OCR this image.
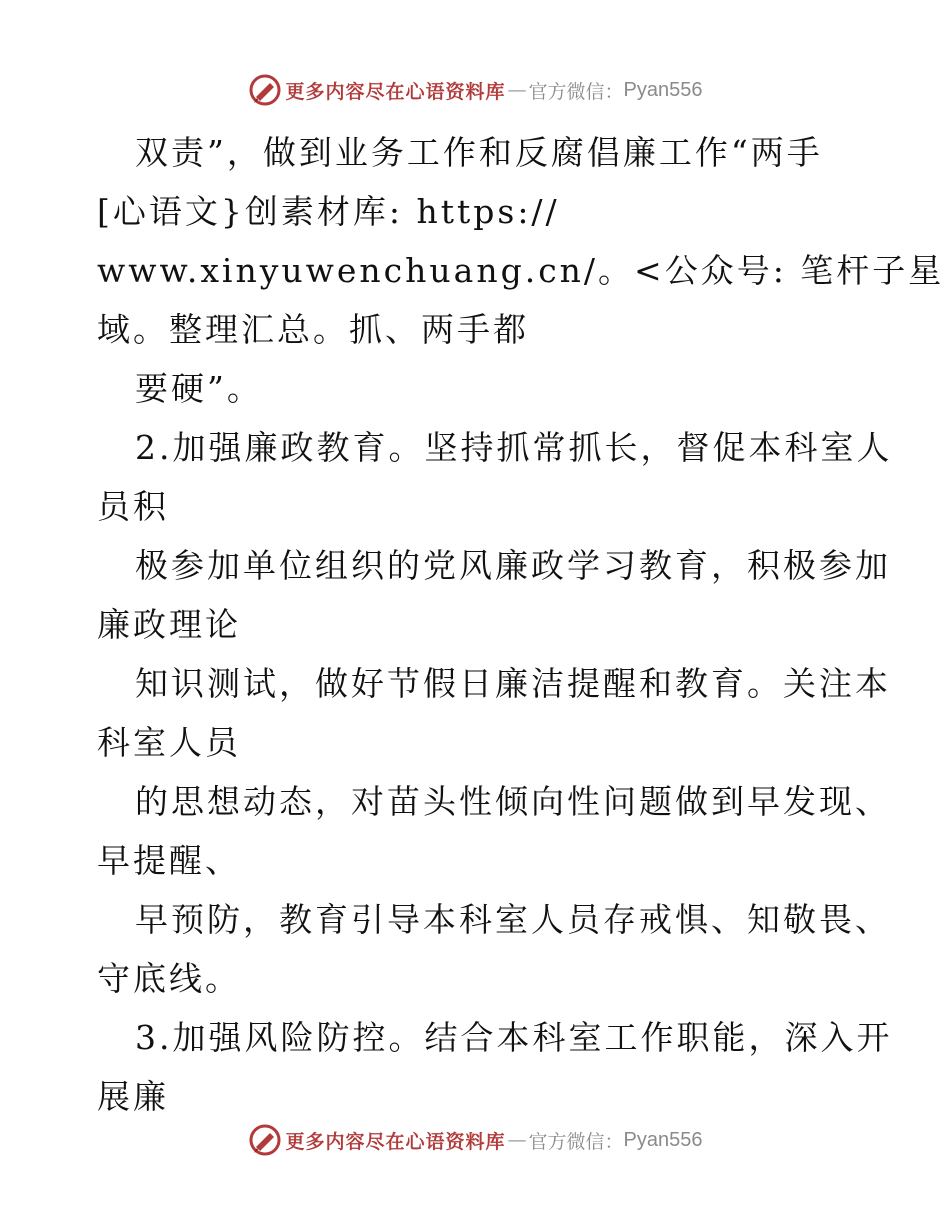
更多内容尽在心语资料库 — 官方微信： Pyan556
双责”，做到业务工作和反腐倡廉工作“两手
[心语文}创素材库: https://
www.xinyuwenchuang.cn/。<公众号: 笔杆子星
域。整理汇总。抓、两手都
要硬”。
2.加强廉政教育。坚持抓常抓长，督促本科室人
员积
极参加单位组织的党风廉政学习教育，积极参加
廉政理论
知识测试，做好节假日廉洁提醒和教育。关注本
科室人员
的思想动态，对苗头性倾向性问题做到早发现、
早提醒、
早预防，教育引导本科室人员存戒惧、知敬畏、
守底线。
3.加强风险防控。结合本科室工作职能，深入开
展廉
更多内容尽在心语资料库 — 官方微信： Pyan556
